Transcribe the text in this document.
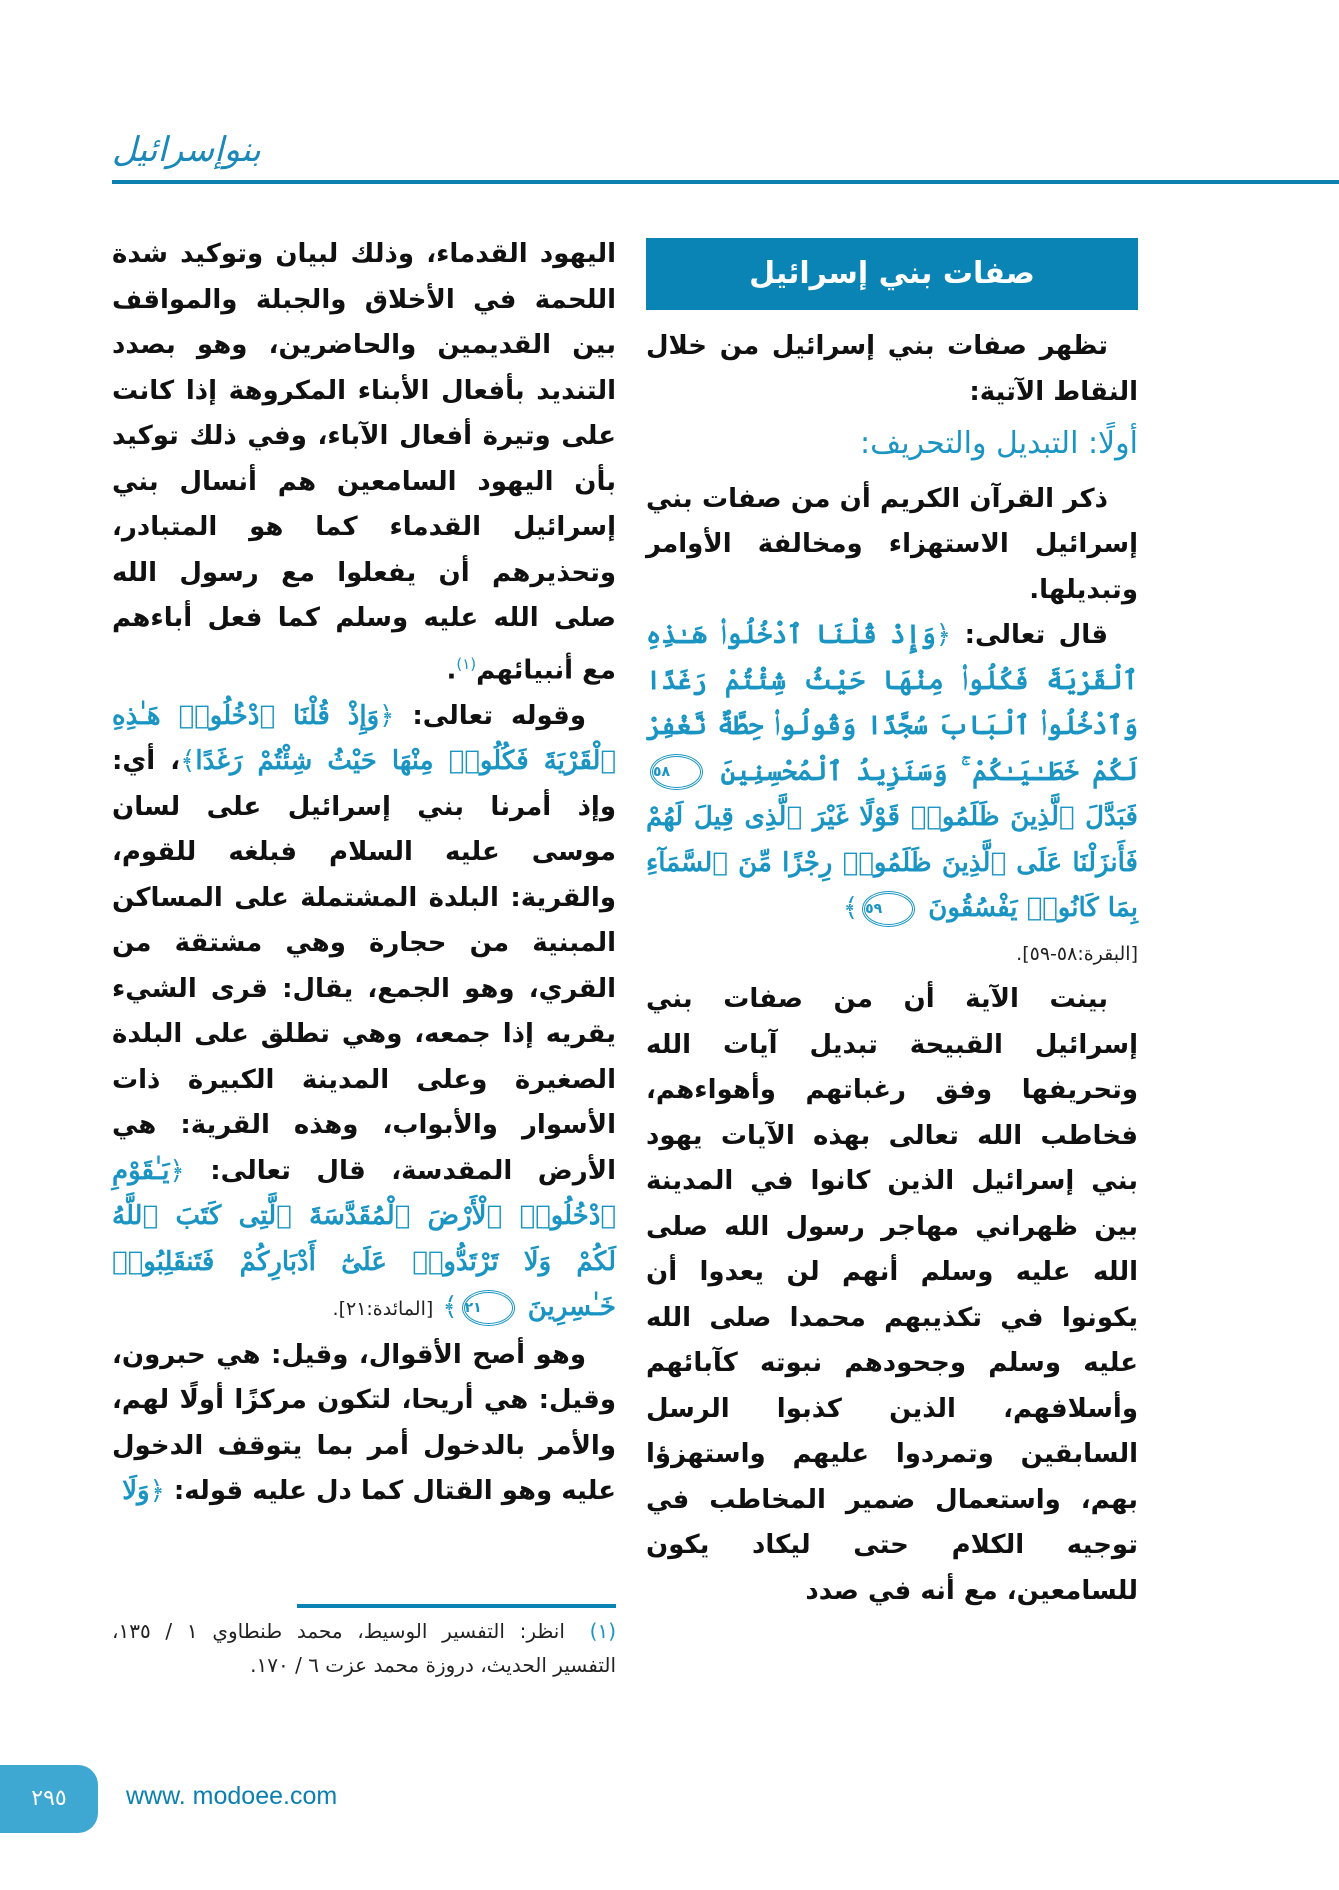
بنوإسرائيل
صفات بني إسرائيل

تظهر صفات بني إسرائيل من خلال النقاط الآتية:

أولًا: التبديل والتحريف:

ذكر القرآن الكريم أن من صفات بني إسرائيل الاستهزاء ومخالفة الأوامر وتبديلها.

قال تعالى: ﴿وَإِذْ قُلْنَا ٱدْخُلُوا۟ هَـٰذِهِ ٱلْقَرْيَةَ فَكُلُوا۟ مِنْهَا حَيْثُ شِئْتُمْ رَغَدًا وَٱدْخُلُوا۟ ٱلْبَابَ سُجَّدًا وَقُولُوا۟ حِطَّةٌ نَّغْفِرْ لَكُمْ خَطَـٰيَـٰكُمْ ۚ وَسَنَزِيدُ ٱلْمُحْسِنِينَ ٥٨ فَبَدَّلَ ٱلَّذِينَ ظَلَمُوا۟ قَوْلًا غَيْرَ ٱلَّذِى قِيلَ لَهُمْ فَأَنزَلْنَا عَلَى ٱلَّذِينَ ظَلَمُوا۟ رِجْزًا مِّنَ ٱلسَّمَآءِ بِمَا كَانُوا۟ يَفْسُقُونَ ٥٩﴾

[البقرة:٥٨-٥٩].

بينت الآية أن من صفات بني إسرائيل القبيحة تبديل آيات الله وتحريفها وفق رغباتهم وأهواءهم، فخاطب الله تعالى بهذه الآيات يهود بني إسرائيل الذين كانوا في المدينة بين ظهراني مهاجر رسول الله صلى الله عليه وسلم أنهم لن يعدوا أن يكونوا في تكذيبهم محمدا صلى الله عليه وسلم وجحودهم نبوته كآبائهم وأسلافهم، الذين كذبوا الرسل السابقين وتمردوا عليهم واستهزؤا بهم، واستعمال ضمير المخاطب في توجيه الكلام حتى ليكاد يكون للسامعين، مع أنه في صدد

اليهود القدماء، وذلك لبيان وتوكيد شدة اللحمة في الأخلاق والجبلة والمواقف بين القديمين والحاضرين، وهو بصدد التنديد بأفعال الأبناء المكروهة إذا كانت على وتيرة أفعال الآباء، وفي ذلك توكيد بأن اليهود السامعين هم أنسال بني إسرائيل القدماء كما هو المتبادر، وتحذيرهم أن يفعلوا مع رسول الله صلى الله عليه وسلم كما فعل أباءهم مع أنبيائهم$^{(١)}$.

وقوله تعالى: ﴿وَإِذْ قُلْنَا ٱدْخُلُوا۟ هَـٰذِهِ ٱلْقَرْيَةَ فَكُلُوا۟ مِنْهَا حَيْثُ شِئْتُمْ رَغَدًا﴾، أي: وإذ أمرنا بني إسرائيل على لسان موسى عليه السلام فبلغه للقوم، والقرية: البلدة المشتملة على المساكن المبنية من حجارة وهي مشتقة من القري، وهو الجمع، يقال: قرى الشيء يقريه إذا جمعه، وهي تطلق على البلدة الصغيرة وعلى المدينة الكبيرة ذات الأسوار والأبواب، وهذه القرية: هي الأرض المقدسة، قال تعالى: ﴿يَـٰقَوْمِ ٱدْخُلُوا۟ ٱلْأَرْضَ ٱلْمُقَدَّسَةَ ٱلَّتِى كَتَبَ ٱللَّهُ لَكُمْ وَلَا تَرْتَدُّوا۟ عَلَىٰٓ أَدْبَارِكُمْ فَتَنقَلِبُوا۟ خَـٰسِرِينَ ٢١﴾ [المائدة:٢١].

وهو أصح الأقوال، وقيل: هي حبرون، وقيل: هي أريحا، لتكون مركزًا أولًا لهم، والأمر بالدخول أمر بما يتوقف الدخول عليه وهو القتال كما دل عليه قوله: ﴿وَلَا

(١) انظر: التفسير الوسيط، محمد طنطاوي ١ / ١٣٥، التفسير الحديث، دروزة محمد عزت ٦ / ١٧٠.
٢٩٥	www. modoee.com
